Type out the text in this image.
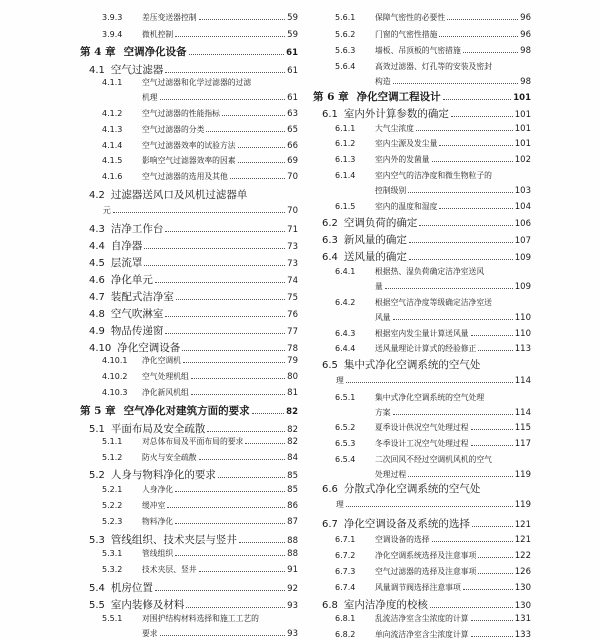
3.9.3	差压变送器控制	59
3.9.4	微机控制	59
第 4 章 空调净化设备	61
4.1 空气过滤器	61
4.1.1	空气过滤器和化学过滤器的过滤
机理	61
4.1.2	空气过滤器的性能指标	63
4.1.3	空气过滤器的分类	65
4.1.4	空气过滤器效率的试验方法	66
4.1.5	影响空气过滤器效率的因素	69
4.1.6	空气过滤器的选用及其他	70
4.2 过滤器送风口及风机过滤器单
元	70
4.3 洁净工作台	71
4.4 自净器	73
4.5 层流罩	73
4.6 净化单元	74
4.7 装配式洁净室	75
4.8 空气吹淋室	76
4.9 物品传递窗	77
4.10 净化空调设备	78
4.10.1	净化空调机	79
4.10.2	空气处理机组	80
4.10.3	净化新风机组	81
第 5 章 空气净化对建筑方面的要求	82
5.1 平面布局及安全疏散	82
5.1.1	对总体布局及平面布局的要求	82
5.1.2	防火与安全疏散	84
5.2 人身与物料净化的要求	85
5.2.1	人身净化	85
5.2.2	缓冲室	86
5.2.3	物料净化	87
5.3 管线组织、技术夹层与竖井	88
5.3.1	管线组织	88
5.3.2	技术夹层、竖井	91
5.4 机房位置	92
5.5 室内装修及材料	93
5.5.1	对围护结构材料选择和施工工艺的
要求	93
5.6.1	保障气密性的必要性	96
5.6.2	门窗的气密性措施	96
5.6.3	墙板、吊顶板的气密措施	98
5.6.4	高效过滤器、灯孔等的安装及密封
构造	98
第 6 章 净化空调工程设计	101
6.1 室内外计算参数的确定	101
6.1.1	大气尘浓度	101
6.1.2	室内尘源及发尘量	101
6.1.3	室内外的发菌量	102
6.1.4	室内空气的洁净度和微生物粒子的
控制级别	103
6.1.5	室内的温度和湿度	104
6.2 空调负荷的确定	106
6.3 新风量的确定	107
6.4 送风量的确定	109
6.4.1	根据热、湿负荷确定洁净室送风
量	109
6.4.2	根据空气洁净度等级确定洁净室送
风量	110
6.4.3	根据室内发尘量计算送风量	110
6.4.4	送风量理论计算式的经验修正	113
6.5 集中式净化空调系统的空气处
理	114
6.5.1	集中式净化空调系统的空气处理
方案	114
6.5.2	夏季设计供况空气处理过程	115
6.5.3	冬季设计工况空气处理过程	117
6.5.4	二次回风不经过空调机风机的空气
处理过程	119
6.6 分散式净化空调系统的空气处
理	119
6.7 净化空调设备及系统的选择	121
6.7.1	空调设备的选择	121
6.7.2	净化空调系统选择及注意事项	122
6.7.3	空气过滤器的选择及注意事项	126
6.7.4	风量调节阀选择注意事项	130
6.8 室内洁净度的校核	130
6.8.1	乱流洁净室含尘浓度的计算	131
6.8.2	单向流洁净室含尘浓度计算	133
